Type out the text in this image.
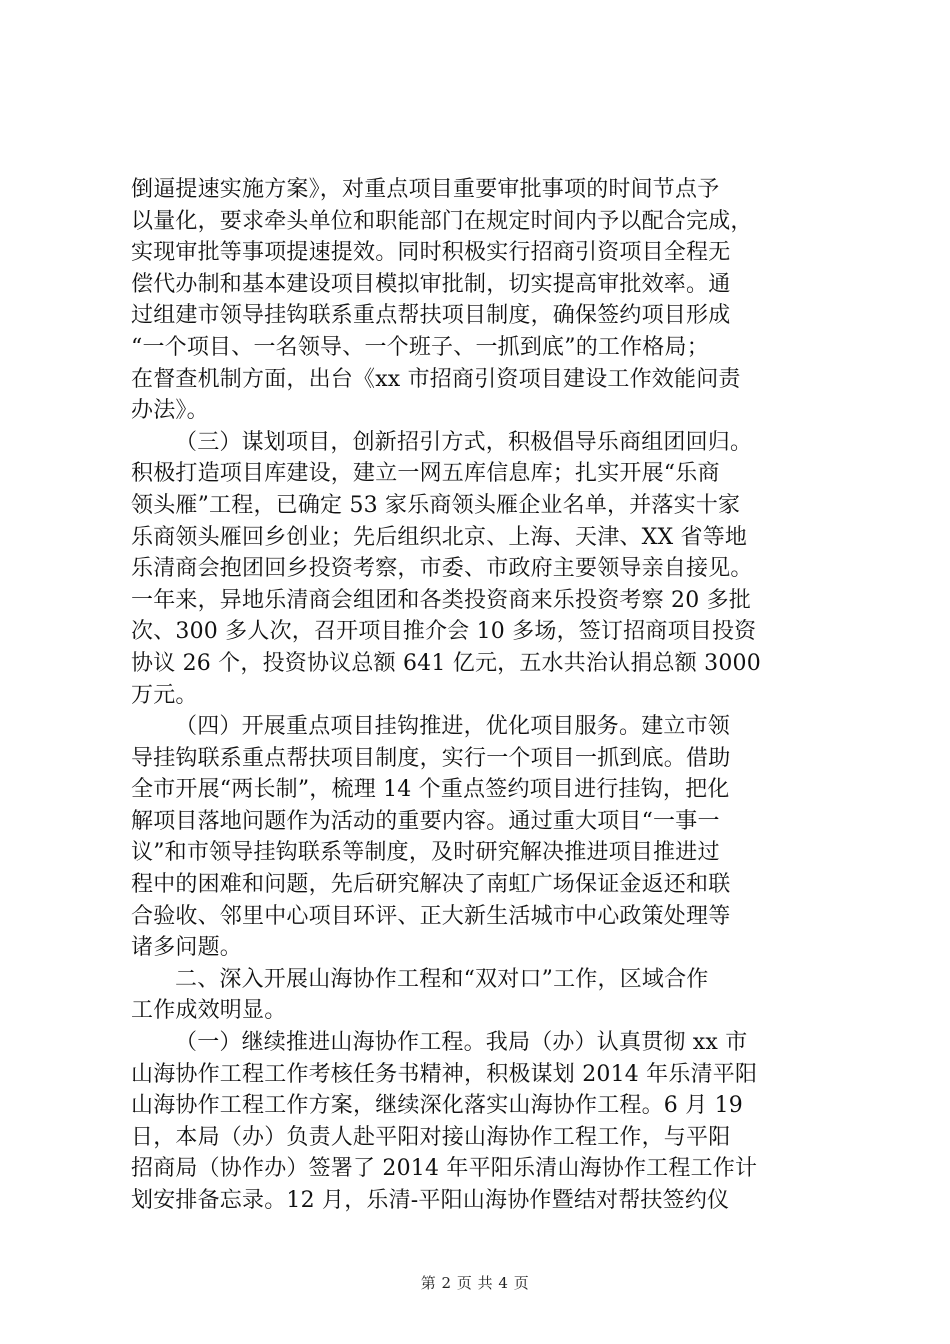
倒逼提速实施方案》，对重点项目重要审批事项的时间节点予
以量化，要求牵头单位和职能部门在规定时间内予以配合完成，
实现审批等事项提速提效。同时积极实行招商引资项目全程无
偿代办制和基本建设项目模拟审批制，切实提高审批效率。通
过组建市领导挂钩联系重点帮扶项目制度，确保签约项目形成
“一个项目、一名领导、一个班子、一抓到底”的工作格局；
在督查机制方面，出台《xx 市招商引资项目建设工作效能问责
办法》。
（三）谋划项目，创新招引方式，积极倡导乐商组团回归。
积极打造项目库建设，建立一网五库信息库；扎实开展“乐商
领头雁”工程，已确定 53 家乐商领头雁企业名单，并落实十家
乐商领头雁回乡创业；先后组织北京、上海、天津、XX 省等地
乐清商会抱团回乡投资考察，市委、市政府主要领导亲自接见。
一年来，异地乐清商会组团和各类投资商来乐投资考察 20 多批
次、300 多人次，召开项目推介会 10 多场，签订招商项目投资
协议 26 个，投资协议总额 641 亿元，五水共治认捐总额 3000
万元。
（四）开展重点项目挂钩推进，优化项目服务。建立市领
导挂钩联系重点帮扶项目制度，实行一个项目一抓到底。借助
全市开展“两长制”，梳理 14 个重点签约项目进行挂钩，把化
解项目落地问题作为活动的重要内容。通过重大项目“一事一
议”和市领导挂钩联系等制度，及时研究解决推进项目推进过
程中的困难和问题，先后研究解决了南虹广场保证金返还和联
合验收、邻里中心项目环评、正大新生活城市中心政策处理等
诸多问题。
二、深入开展山海协作工程和“双对口”工作，区域合作
工作成效明显。
（一）继续推进山海协作工程。我局（办）认真贯彻 xx 市
山海协作工程工作考核任务书精神，积极谋划 2014 年乐清平阳
山海协作工程工作方案，继续深化落实山海协作工程。6 月 19
日，本局（办）负责人赴平阳对接山海协作工程工作，与平阳
招商局（协作办）签署了 2014 年平阳乐清山海协作工程工作计
划安排备忘录。12 月，乐清-平阳山海协作暨结对帮扶签约仪
第 2 页 共 4 页
